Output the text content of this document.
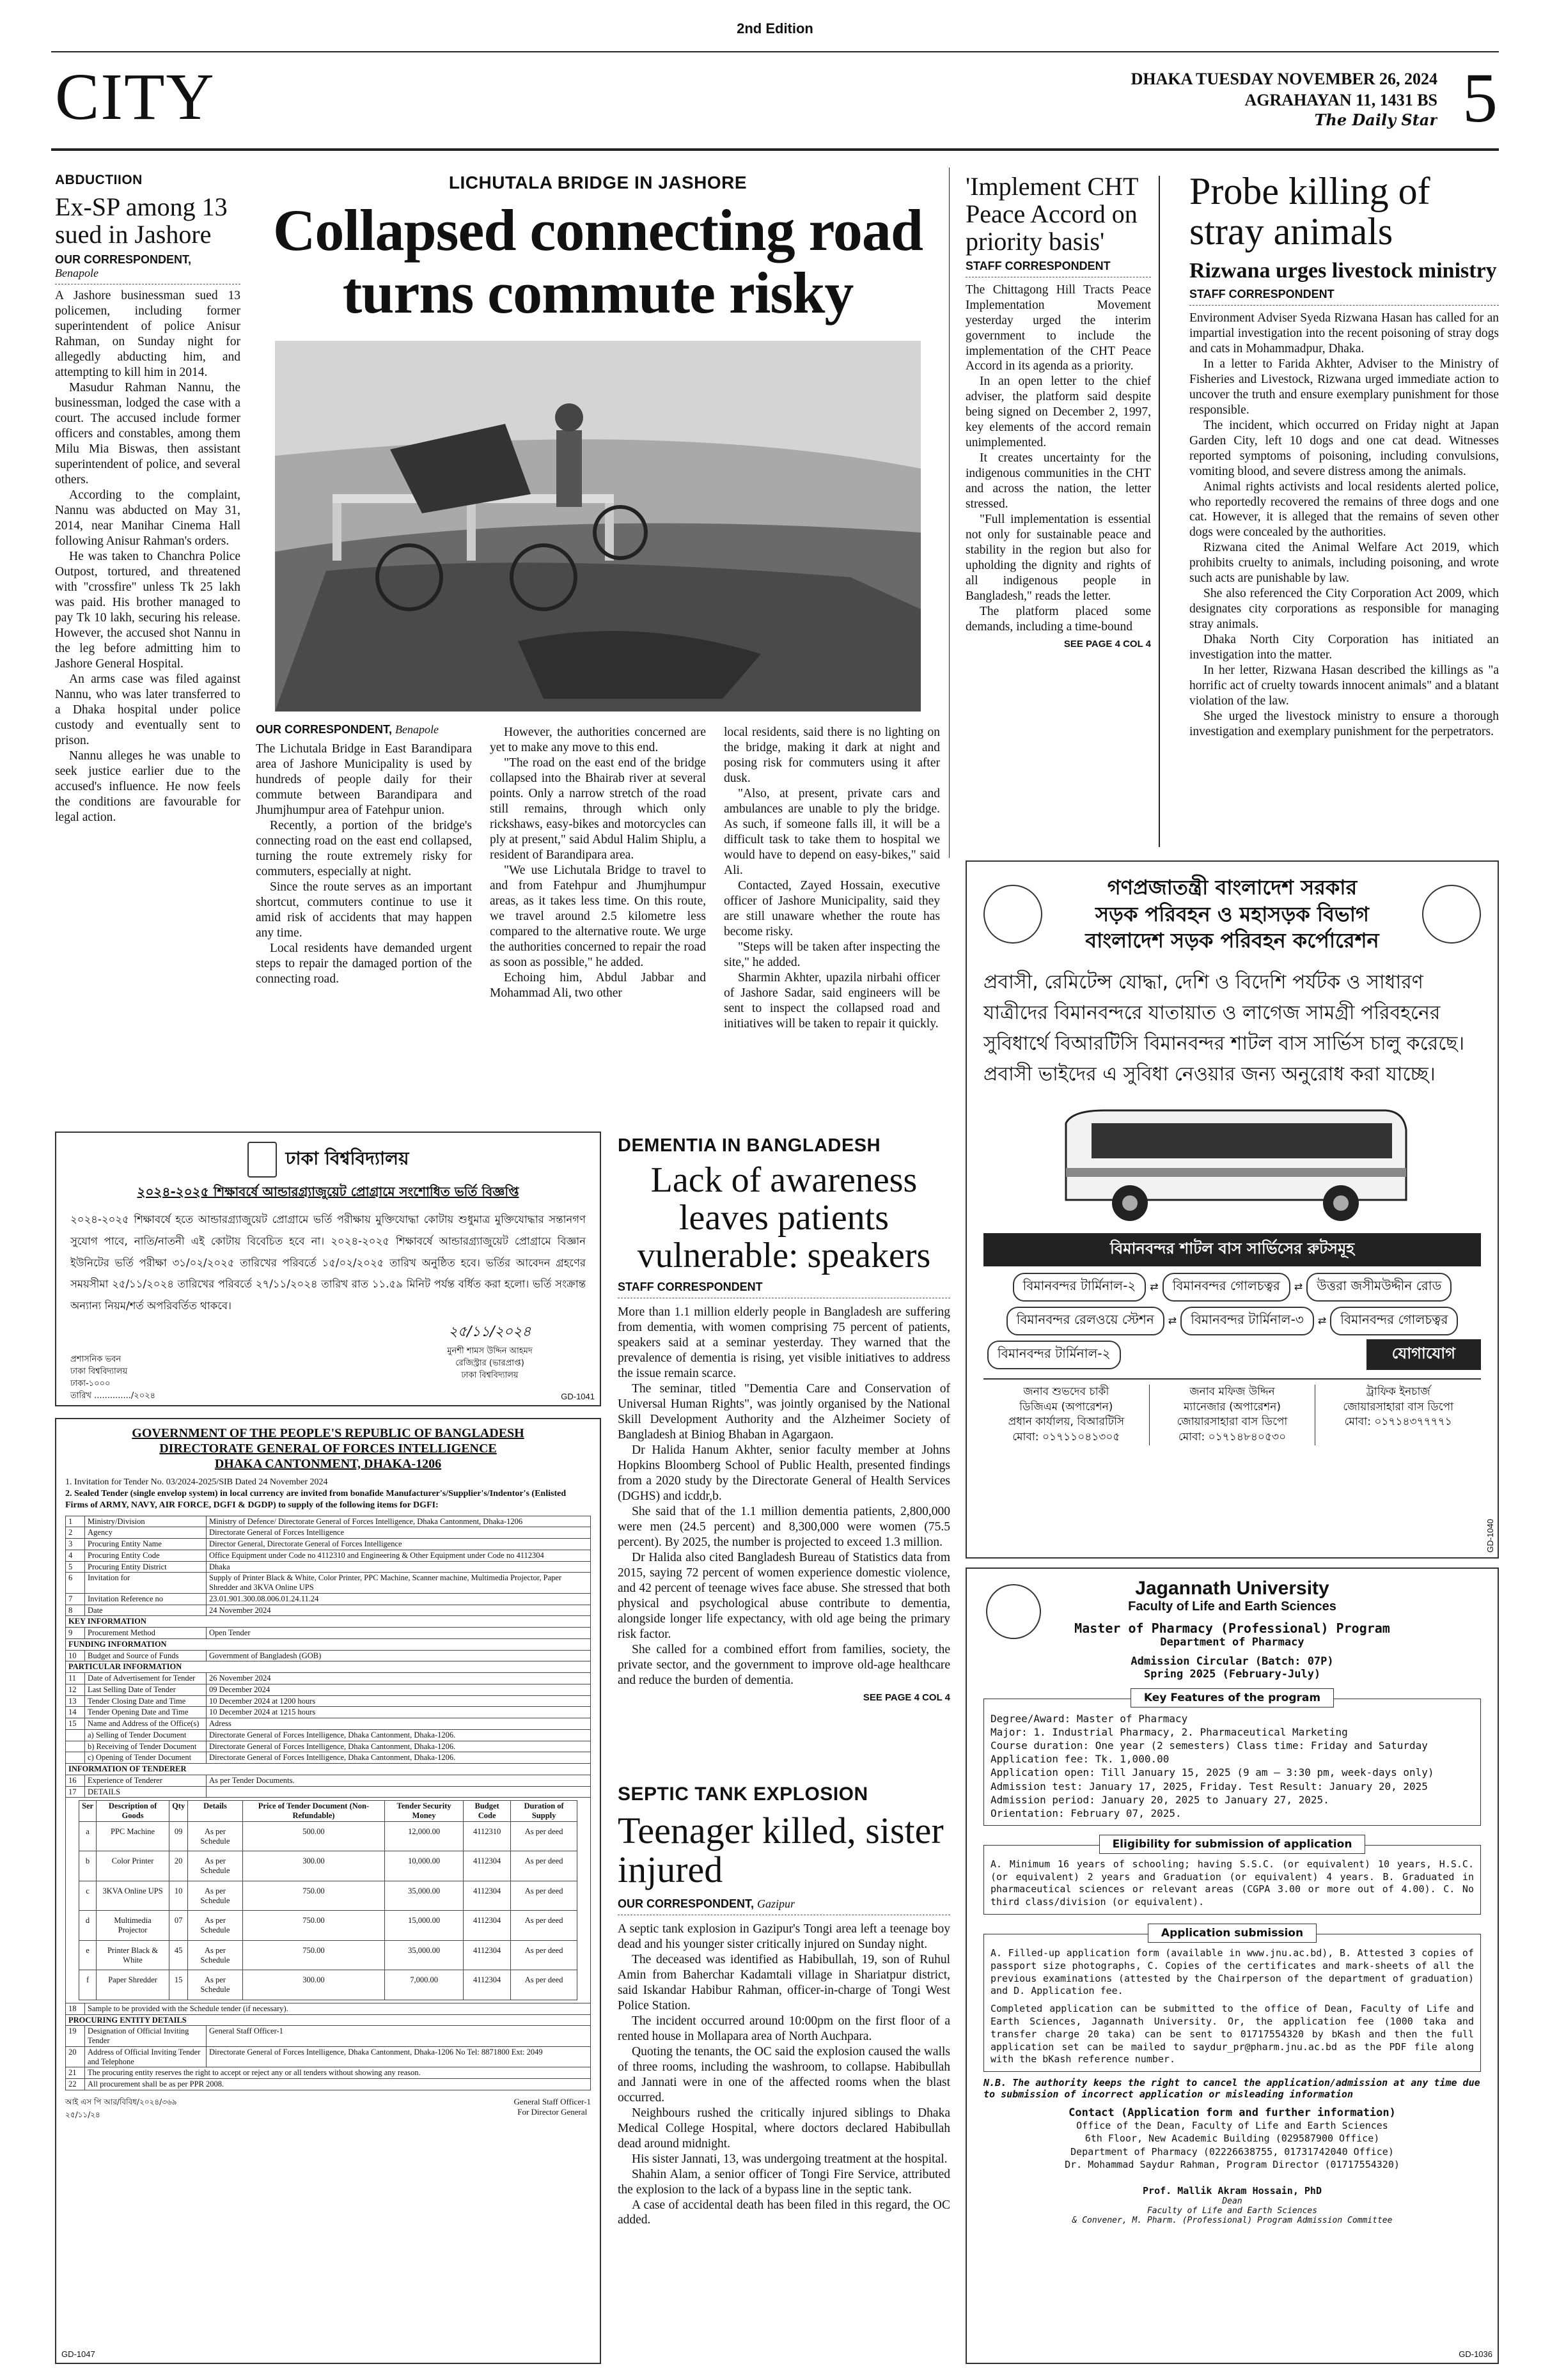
2nd Edition
CITY	DHAKA TUESDAY NOVEMBER 26, 2024
AGRAHAYAN 11, 1431 BS
The Daily Star 5
ABDUCTIION
Ex-SP among 13 sued in Jashore
OUR CORRESPONDENT,
Benapole

A Jashore businessman sued 13 policemen, including former superintendent of police Anisur Rahman, on Sunday night for allegedly abducting him, and attempting to kill him in 2014.

Masudur Rahman Nannu, the businessman, lodged the case with a court. The accused include former officers and constables, among them Milu Mia Biswas, then assistant superintendent of police, and several others.

According to the complaint, Nannu was abducted on May 31, 2014, near Manihar Cinema Hall following Anisur Rahman's orders.

He was taken to Chanchra Police Outpost, tortured, and threatened with "crossfire" unless Tk 25 lakh was paid. His brother managed to pay Tk 10 lakh, securing his release. However, the accused shot Nannu in the leg before admitting him to Jashore General Hospital.

An arms case was filed against Nannu, who was later transferred to a Dhaka hospital under police custody and eventually sent to prison.

Nannu alleges he was unable to seek justice earlier due to the accused's influence. He now feels the conditions are favourable for legal action.

LICHUTALA BRIDGE IN JASHORE
Collapsed connecting road turns commute risky
OUR CORRESPONDENT, Benapole

The Lichutala Bridge in East Barandipara area of Jashore Municipality is used by hundreds of people daily for their commute between Barandipara and Jhumjhumpur area of Fatehpur union.

Recently, a portion of the bridge's connecting road on the east end collapsed, turning the route extremely risky for commuters, especially at night.

Since the route serves as an important shortcut, commuters continue to use it amid risk of accidents that may happen any time.

Local residents have demanded urgent steps to repair the damaged portion of the connecting road.

However, the authorities concerned are yet to make any move to this end.

"The road on the east end of the bridge collapsed into the Bhairab river at several points. Only a narrow stretch of the road still remains, through which only rickshaws, easy-bikes and motorcycles can ply at present," said Abdul Halim Shiplu, a resident of Barandipara area.

"We use Lichutala Bridge to travel to and from Fatehpur and Jhumjhumpur areas, as it takes less time. On this route, we travel around 2.5 kilometre less compared to the alternative route. We urge the authorities concerned to repair the road as soon as possible," he added.

Echoing him, Abdul Jabbar and Mohammad Ali, two other

local residents, said there is no lighting on the bridge, making it dark at night and posing risk for commuters using it after dusk.

"Also, at present, private cars and ambulances are unable to ply the bridge. As such, if someone falls ill, it will be a difficult task to take them to hospital we would have to depend on easy-bikes," said Ali.

Contacted, Zayed Hossain, executive officer of Jashore Municipality, said they are still unaware whether the route has become risky.

"Steps will be taken after inspecting the site," he added.

Sharmin Akhter, upazila nirbahi officer of Jashore Sadar, said engineers will be sent to inspect the collapsed road and initiatives will be taken to repair it quickly.

'Implement CHT Peace Accord on priority basis'
STAFF CORRESPONDENT

The Chittagong Hill Tracts Peace Implementation Movement yesterday urged the interim government to include the implementation of the CHT Peace Accord in its agenda as a priority.

In an open letter to the chief adviser, the platform said despite being signed on December 2, 1997, key elements of the accord remain unimplemented.

It creates uncertainty for the indigenous communities in the CHT and across the nation, the letter stressed.

"Full implementation is essential not only for sustainable peace and stability in the region but also for upholding the dignity and rights of all indigenous people in Bangladesh," reads the letter.

The platform placed some demands, including a time-bound

SEE PAGE 4 COL 4
Probe killing of stray animals
Rizwana urges livestock ministry
STAFF CORRESPONDENT

Environment Adviser Syeda Rizwana Hasan has called for an impartial investigation into the recent poisoning of stray dogs and cats in Mohammadpur, Dhaka.

In a letter to Farida Akhter, Adviser to the Ministry of Fisheries and Livestock, Rizwana urged immediate action to uncover the truth and ensure exemplary punishment for those responsible.

The incident, which occurred on Friday night at Japan Garden City, left 10 dogs and one cat dead. Witnesses reported symptoms of poisoning, including convulsions, vomiting blood, and severe distress among the animals.

Animal rights activists and local residents alerted police, who reportedly recovered the remains of three dogs and one cat. However, it is alleged that the remains of seven other dogs were concealed by the authorities.

Rizwana cited the Animal Welfare Act 2019, which prohibits cruelty to animals, including poisoning, and wrote such acts are punishable by law.

She also referenced the City Corporation Act 2009, which designates city corporations as responsible for managing stray animals.

Dhaka North City Corporation has initiated an investigation into the matter.

In her letter, Rizwana Hasan described the killings as "a horrific act of cruelty towards innocent animals" and a blatant violation of the law.

She urged the livestock ministry to ensure a thorough investigation and exemplary punishment for the perpetrators.

ঢাকা বিশ্ববিদ্যালয়
২০২৪-২০২৫ শিক্ষাবর্ষে আন্ডারগ্র্যাজুয়েট প্রোগ্রামে সংশোধিত ভর্তি বিজ্ঞপ্তি
২০২৪-২০২৫ শিক্ষাবর্ষে হতে আন্ডারগ্র্যাজুয়েট প্রোগ্রামে ভর্তি পরীক্ষায় মুক্তিযোদ্ধা কোটায় শুধুমাত্র মুক্তিযোদ্ধার সন্তানগণ সুযোগ পাবে, নাতি/নাতনী এই কোটায় বিবেচিত হবে না। ২০২৪-২০২৫ শিক্ষাবর্ষে আন্ডারগ্র্যাজুয়েট প্রোগ্রামে বিজ্ঞান ইউনিটের ভর্তি পরীক্ষা ৩১/০২/২০২৫ তারিখের পরিবর্তে ১৫/০২/২০২৫ তারিখ অনুষ্ঠিত হবে। ভর্তির আবেদন গ্রহণের সময়সীমা ২৫/১১/২০২৪ তারিখের পরিবর্তে ২৭/১১/২০২৪ তারিখ রাত ১১.৫৯ মিনিট পর্যন্ত বর্ধিত করা হলো। ভর্তি সংক্রান্ত অন্যান্য নিয়ম/শর্ত অপরিবর্তিত থাকবে।
প্রশাসনিক ভবন
ঢাকা বিশ্ববিদ্যালয়
ঢাকা-১০০০
তারিখ ............../২০২৪
২৫/১১/২০২৪
মুনশী শামস উদ্দিন আহমদ
রেজিস্ট্রার (ভারপ্রাপ্ত)
ঢাকা বিশ্ববিদ্যালয়
GD-1041
GOVERNMENT OF THE PEOPLE'S REPUBLIC OF BANGLADESH
DIRECTORATE GENERAL OF FORCES INTELLIGENCE
DHAKA CANTONMENT, DHAKA-1206
1. Invitation for Tender No. 03/2024-2025/SIB Dated 24 November 2024
2. Sealed Tender (single envelop system) in local currency are invited from bonafide Manufacturer's/Supplier's/Indentor's (Enlisted Firms of ARMY, NAVY, AIR FORCE, DGFI & DGDP) to supply of the following items for DGFI:
1	Ministry/Division	Ministry of Defence/ Directorate General of Forces Intelligence, Dhaka Cantonment, Dhaka-1206
2	Agency	Directorate General of Forces Intelligence
3	Procuring Entity Name	Director General, Directorate General of Forces Intelligence
4	Procuring Entity Code	Office Equipment under Code no 4112310 and Engineering & Other Equipment under Code no 4112304
5	Procuring Entity District	Dhaka
6	Invitation for	Supply of Printer Black & White, Color Printer, PPC Machine, Scanner machine, Multimedia Projector, Paper Shredder and 3KVA Online UPS
7	Invitation Reference no	23.01.901.300.08.006.01.24.11.24
8	Date	24 November 2024
KEY INFORMATION
9	Procurement Method	Open Tender
FUNDING INFORMATION
10	Budget and Source of Funds	Government of Bangladesh (GOB)
PARTICULAR INFORMATION
11	Date of Advertisement for Tender	26 November 2024
12	Last Selling Date of Tender	09 December 2024
13	Tender Closing Date and Time	10 December 2024 at 1200 hours
14	Tender Opening Date and Time	10 December 2024 at 1215 hours
15	Name and Address of the Office(s)	Adress
	a) Selling of Tender Document	Directorate General of Forces Intelligence, Dhaka Cantonment, Dhaka-1206.
	b) Receiving of Tender Document	Directorate General of Forces Intelligence, Dhaka Cantonment, Dhaka-1206.
	c) Opening of Tender Document	Directorate General of Forces Intelligence, Dhaka Cantonment, Dhaka-1206.
INFORMATION OF TENDERER
16	Experience of Tenderer	As per Tender Documents.
17	DETAILS	

Ser	Description of Goods	Qty	Details	Price of Tender Document (Non-Refundable)	Tender Security Money	Budget Code	Duration of Supply
a	PPC Machine	09	As per Schedule	500.00	12,000.00	4112310	As per deed
b	Color Printer	20	As per Schedule	300.00	10,000.00	4112304	As per deed
c	3KVA Online UPS	10	As per Schedule	750.00	35,000.00	4112304	As per deed
d	Multimedia Projector	07	As per Schedule	750.00	15,000.00	4112304	As per deed
e	Printer Black & White	45	As per Schedule	750.00	35,000.00	4112304	As per deed
f	Paper Shredder	15	As per Schedule	300.00	7,000.00	4112304	As per deed

18	Sample to be provided with the Schedule tender (if necessary).
PROCURING ENTITY DETAILS
19	Designation of Official Inviting Tender	General Staff Officer-1
20	Address of Official Inviting Tender and Telephone	Directorate General of Forces Intelligence, Dhaka Cantonment, Dhaka-1206 No Tel: 8871800 Ext: 2049
21	The procuring entity reserves the right to accept or reject any or all tenders without showing any reason.
22	All procurement shall be as per PPR 2008.
আই এস পি আর/বিবিধ/২০২৪/৩৬৯
২৫/১১/২৪
General Staff Officer-1
For Director General
GD-1047
DEMENTIA IN BANGLADESH
Lack of awareness leaves patients vulnerable: speakers
STAFF CORRESPONDENT

More than 1.1 million elderly people in Bangladesh are suffering from dementia, with women comprising 75 percent of patients, speakers said at a seminar yesterday. They warned that the prevalence of dementia is rising, yet visible initiatives to address the issue remain scarce.

The seminar, titled "Dementia Care and Conservation of Universal Human Rights", was jointly organised by the National Skill Development Authority and the Alzheimer Society of Bangladesh at Biniog Bhaban in Agargaon.

Dr Halida Hanum Akhter, senior faculty member at Johns Hopkins Bloomberg School of Public Health, presented findings from a 2020 study by the Directorate General of Health Services (DGHS) and icddr,b.

She said that of the 1.1 million dementia patients, 2,800,000 were men (24.5 percent) and 8,300,000 were women (75.5 percent). By 2025, the number is projected to exceed 1.3 million.

Dr Halida also cited Bangladesh Bureau of Statistics data from 2015, saying 72 percent of women experience domestic violence, and 42 percent of teenage wives face abuse. She stressed that both physical and psychological abuse contribute to dementia, alongside longer life expectancy, with old age being the primary risk factor.

She called for a combined effort from families, society, the private sector, and the government to improve old-age healthcare and reduce the burden of dementia.

SEE PAGE 4 COL 4
SEPTIC TANK EXPLOSION
Teenager killed, sister injured
OUR CORRESPONDENT, Gazipur

A septic tank explosion in Gazipur's Tongi area left a teenage boy dead and his younger sister critically injured on Sunday night.

The deceased was identified as Habibullah, 19, son of Ruhul Amin from Baherchar Kadamtali village in Shariatpur district, said Iskandar Habibur Rahman, officer-in-charge of Tongi West Police Station.

The incident occurred around 10:00pm on the first floor of a rented house in Mollapara area of North Auchpara.

Quoting the tenants, the OC said the explosion caused the walls of three rooms, including the washroom, to collapse. Habibullah and Jannati were in one of the affected rooms when the blast occurred.

Neighbours rushed the critically injured siblings to Dhaka Medical College Hospital, where doctors declared Habibullah dead around midnight.

His sister Jannati, 13, was undergoing treatment at the hospital.

Shahin Alam, a senior officer of Tongi Fire Service, attributed the explosion to the lack of a bypass line in the septic tank.

A case of accidental death has been filed in this regard, the OC added.

গণপ্রজাতন্ত্রী বাংলাদেশ সরকার
সড়ক পরিবহন ও মহাসড়ক বিভাগ
বাংলাদেশ সড়ক পরিবহন কর্পোরেশন
প্রবাসী, রেমিটেন্স যোদ্ধা, দেশি ও বিদেশি পর্যটক ও সাধারণ যাত্রীদের বিমানবন্দরে যাতায়াত ও লাগেজ সামগ্রী পরিবহনের সুবিধার্থে বিআরটিসি বিমানবন্দর শাটল বাস সার্ভিস চালু করেছে। প্রবাসী ভাইদের এ সুবিধা নেওয়ার জন্য অনুরোধ করা যাচ্ছে।
বিমানবন্দর শাটল বাস সার্ভিসের রুটসমূহ
বিমানবন্দর টার্মিনাল-২ ⇄ বিমানবন্দর গোলচত্বর ⇄ উত্তরা জসীমউদ্দীন রোড
বিমানবন্দর রেলওয়ে স্টেশন ⇄ বিমানবন্দর টার্মিনাল-৩ ⇄ বিমানবন্দর গোলচত্বর
বিমানবন্দর টার্মিনাল-২	যোগাযোগ
জনাব শুভদেব চাকী
ডিজিএম (অপারেশন)
প্রধান কার্যালয়, বিআরটিসি
মোবা: ০১৭১১০৪১৩০৫
জনাব মফিজ উদ্দিন
ম্যানেজার (অপারেশন)
জোয়ারসাহারা বাস ডিপো
মোবা: ০১৭১৪৮৪০৫৩০
ট্রাফিক ইনচার্জ
জোয়ারসাহারা বাস ডিপো
মোবা: ০১৭১৪৩৭৭৭৭১
GD-1040
Jagannath University
Faculty of Life and Earth Sciences
Master of Pharmacy (Professional) Program
Department of Pharmacy
Admission Circular (Batch: 07P)
Spring 2025 (February-July)
Key Features of the program
Degree/Award: Master of Pharmacy
Major: 1. Industrial Pharmacy, 2. Pharmaceutical Marketing
Course duration: One year (2 semesters) Class time: Friday and Saturday
Application fee: Tk. 1,000.00
Application open: Till January 15, 2025 (9 am – 3:30 pm, week-days only)
Admission test: January 17, 2025, Friday. Test Result: January 20, 2025
Admission period: January 20, 2025 to January 27, 2025.
Orientation: February 07, 2025.
Eligibility for submission of application
A. Minimum 16 years of schooling; having S.S.C. (or equivalent) 10 years, H.S.C. (or equivalent) 2 years and Graduation (or equivalent) 4 years. B. Graduated in pharmaceutical sciences or relevant areas (CGPA 3.00 or more out of 4.00). C. No third class/division (or equivalent).
Application submission
A. Filled-up application form (available in www.jnu.ac.bd), B. Attested 3 copies of passport size photographs, C. Copies of the certificates and mark-sheets of all the previous examinations (attested by the Chairperson of the department of graduation) and D. Application fee.
Completed application can be submitted to the office of Dean, Faculty of Life and Earth Sciences, Jagannath University. Or, the application fee (1000 taka and transfer charge 20 taka) can be sent to 01717554320 by bKash and then the full application set can be mailed to saydur_pr@pharm.jnu.ac.bd as the PDF file along with the bKash reference number.
N.B. The authority keeps the right to cancel the application/admission at any time due to submission of incorrect application or misleading information
Contact (Application form and further information)
Office of the Dean, Faculty of Life and Earth Sciences
6th Floor, New Academic Building (029587900 Office)
Department of Pharmacy (02226638755, 01731742040 Office)
Dr. Mohammad Saydur Rahman, Program Director (01717554320)
Prof. Mallik Akram Hossain, PhD
Dean
Faculty of Life and Earth Sciences
& Convener, M. Pharm. (Professional) Program Admission Committee
GD-1036
